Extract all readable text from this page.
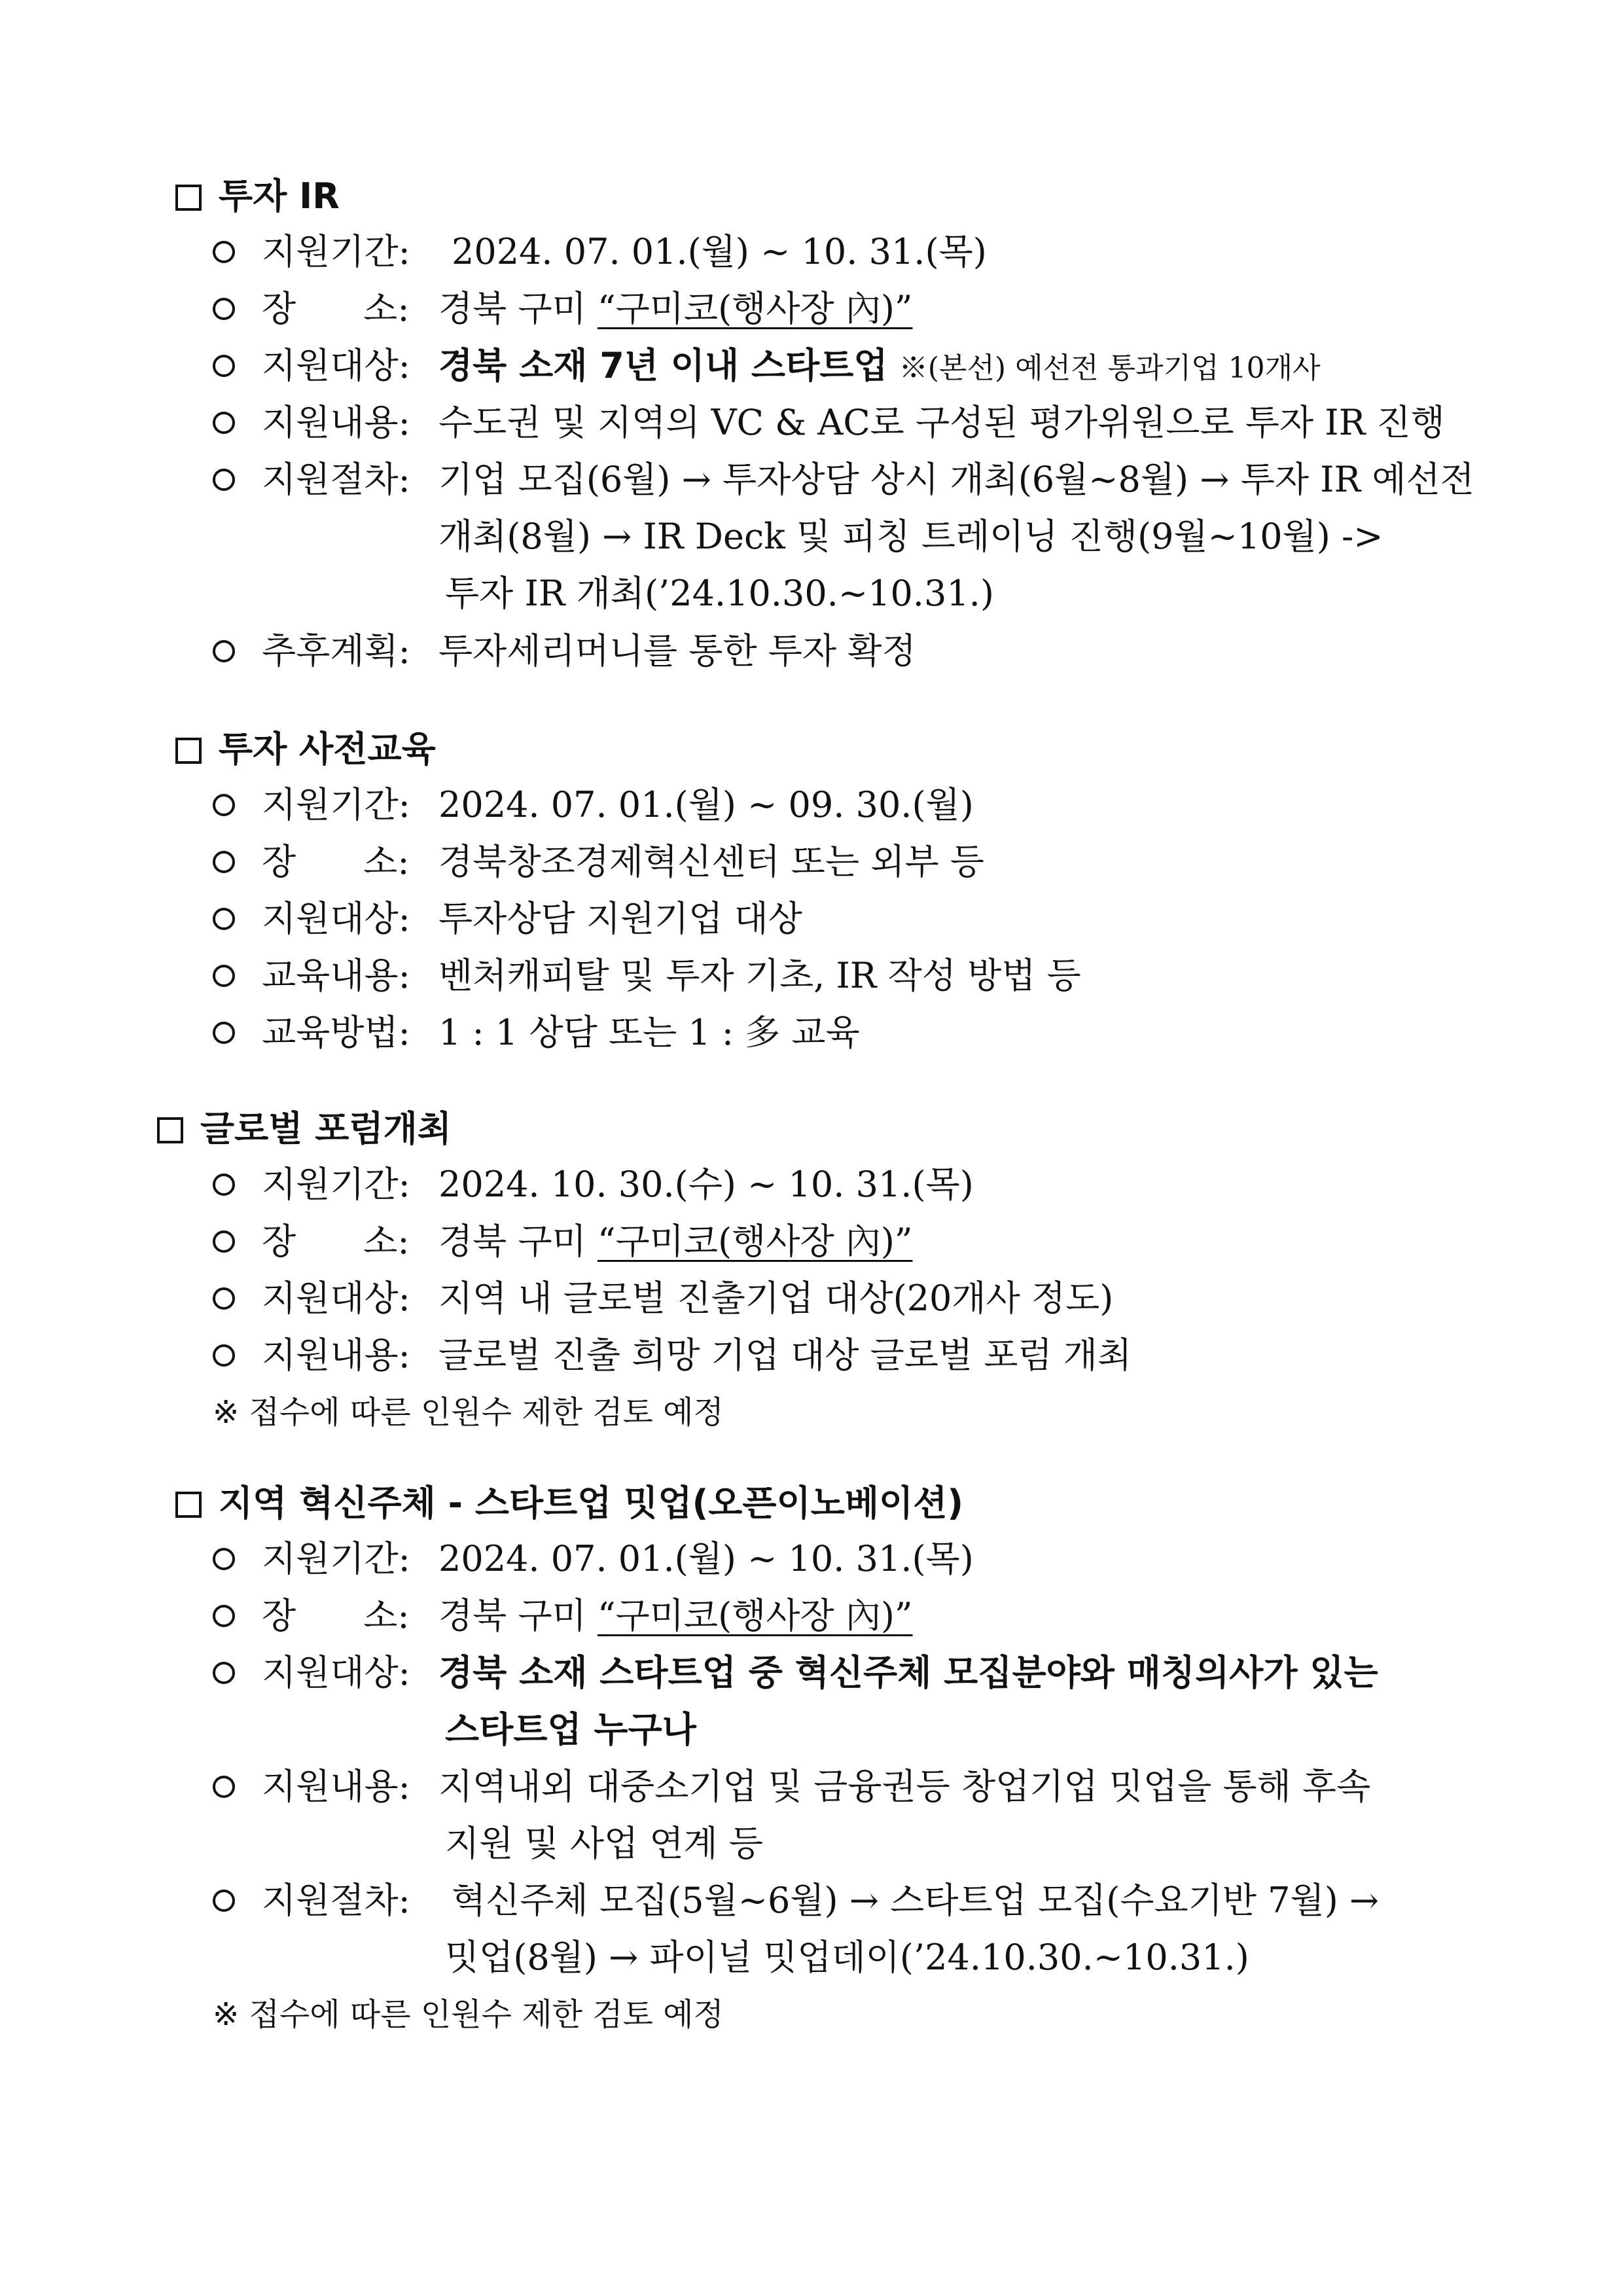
투자 IR
지원기간: 2024. 07. 01.(월) ~ 10. 31.(목)
장      소: 경북 구미 “구미코(행사장 內)”
지원대상: 경북 소재 7년 이내 스타트업 ※(본선) 예선전 통과기업 10개사
지원내용: 수도권 및 지역의 VC & AC로 구성된 평가위원으로 투자 IR 진행
지원절차: 기업 모집(6월) → 투자상담 상시 개최(6월~8월) → 투자 IR 예선전
개최(8월) → IR Deck 및 피칭 트레이닝 진행(9월~10월) ->
투자 IR 개최(’24.10.30.~10.31.)
추후계획: 투자세리머니를 통한 투자 확정
투자 사전교육
지원기간: 2024. 07. 01.(월) ~ 09. 30.(월)
장      소: 경북창조경제혁신센터 또는 외부 등
지원대상: 투자상담 지원기업 대상
교육내용: 벤처캐피탈 및 투자 기초, IR 작성 방법 등
교육방법: 1 : 1 상담 또는 1 : 多 교육
글로벌 포럼개최
지원기간: 2024. 10. 30.(수) ~ 10. 31.(목)
장      소: 경북 구미 “구미코(행사장 內)”
지원대상: 지역 내 글로벌 진출기업 대상(20개사 정도)
지원내용: 글로벌 진출 희망 기업 대상 글로벌 포럼 개최
※ 접수에 따른 인원수 제한 검토 예정
지역 혁신주체 - 스타트업 밋업(오픈이노베이션)
지원기간: 2024. 07. 01.(월) ~ 10. 31.(목)
장      소: 경북 구미 “구미코(행사장 內)”
지원대상: 경북 소재 스타트업 중 혁신주체 모집분야와 매칭의사가 있는
스타트업 누구나
지원내용: 지역내외 대중소기업 및 금융권등 창업기업 밋업을 통해 후속
지원 및 사업 연계 등
지원절차: 혁신주체 모집(5월~6월) → 스타트업 모집(수요기반 7월) →
밋업(8월) → 파이널 밋업데이(’24.10.30.~10.31.)
※ 접수에 따른 인원수 제한 검토 예정
